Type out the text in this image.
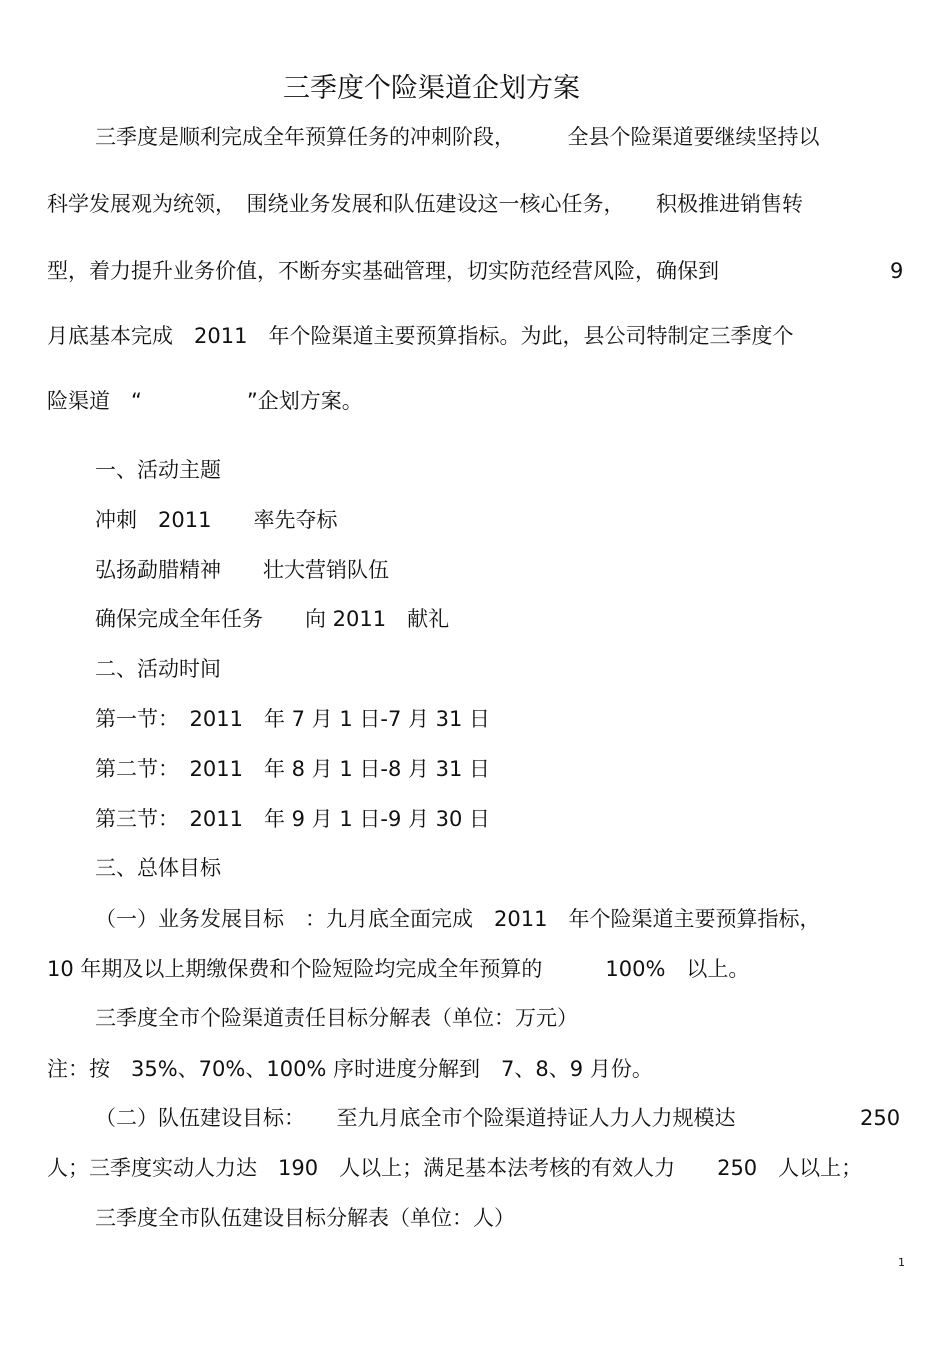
三季度个险渠道企划方案
三季度是顺利完成全年预算任务的冲刺阶段，　　　全县个险渠道要继续坚持以
科学发展观为统领，　围绕业务发展和队伍建设这一核心任务，　　积极推进销售转
型，着力提升业务价值，不断夯实基础管理，切实防范经营风险，确保到	9
月底基本完成　2011　年个险渠道主要预算指标。为此，县公司特制定三季度个
险渠道　“　　　　　”企划方案。
一、活动主题
冲刺　2011　　率先夺标
弘扬勐腊精神　　壮大营销队伍
确保完成全年任务　　向 2011　献礼
二、活动时间
第一节：　2011　年 7 月 1 日-7 月 31 日
第二节：　2011　年 8 月 1 日-8 月 31 日
第三节：　2011　年 9 月 1 日-9 月 30 日
三、总体目标
（一）业务发展目标　：九月底全面完成　2011　年个险渠道主要预算指标，
10 年期及以上期缴保费和个险短险均完成全年预算的　　　100%　以上。
三季度全市个险渠道责任目标分解表（单位：万元）
注：按　35%、70%、100% 序时进度分解到　7、8、9 月份。
（二）队伍建设目标：　　至九月底全市个险渠道持证人力人力规模达	250
人；三季度实动人力达　190　人以上；满足基本法考核的有效人力　　250　人以上；
三季度全市队伍建设目标分解表（单位：人）
1
